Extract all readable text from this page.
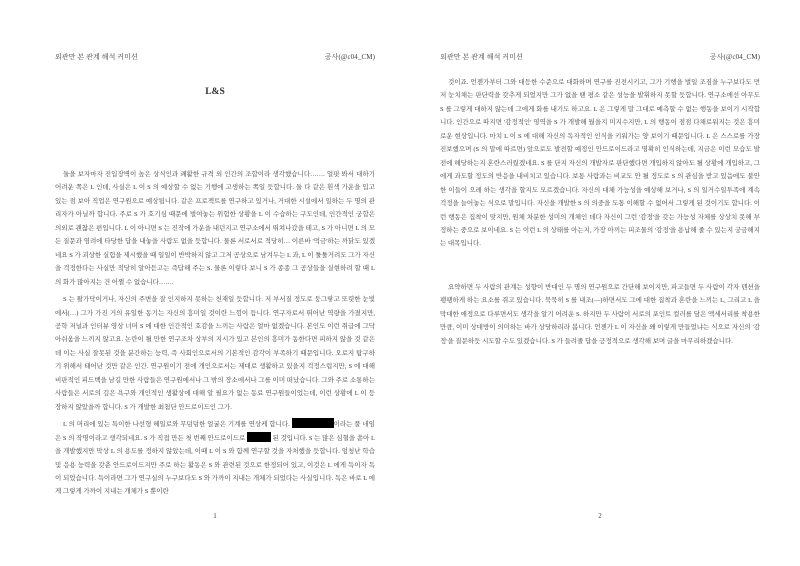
외관만 본 관계 해석 커미션	공사(@c04_CM)
L&S

둘을 보자마자 진입장벽이 높은 상식인과 쾌활한 규격 외 인간의 조합이라 생각했습니다……. 얼핏 봐서 대하기 어려운 쪽은 L 인데, 사실은 L 이 S 의 예상할 수 없는 기행에 고생하는 쪽일 듯합니다. 둘 다 같은 흰색 가운을 입고 있는 점 보아 직업은 연구원으로 예상됩니다. 같은 프로젝트를 연구하고 있거나, 거대한 시설에서 일하는 두 명의 관리자가 아닐까 합니다. 주로 S 가 호기심 때문에 벌여놓는 위험한 상황을 L 이 수습하는 구도인데, 인간적인 궁합은 의외로 괜찮은 편입니다. L 이 아니면 S 는 진작에 가운을 내던지고 연구소에서 뛰쳐나갔을 테고, S 가 아니면 L 의 모든 질문과 염려에 타당한 답을 내놓을 사람도 없을 듯합니다. 물론 서로서로 적당히… 이른바 '먹금'하는 까닭도 있겠네요 S 가 괴상한 실험을 제시했을 때 일일이 반박하지 않고 그저 공상으로 남겨두는 L 과, L 이 툴툴거려도 그가 자신을 걱정한다는 사실만 적당히 알아듣고는 즉답해 주는 S. 물론 이렇다 보니 S 가 종종 그 공상들을 실현하려 할 때 L 의 화가 많아지는 건 어쩔 수 없습니다…….

S 는 왈가닥이거나, 자신의 주변을 잘 인지하지 못하는 천재일 듯합니다. 저 부서질 정도로 둥그랗고 또렷한 눈빛에서(…) 그가 가진 거의 유일한 동기는 자신의 흥미일 것이란 느낌이 듭니다. 연구자로서 뛰어난 역량을 가졌지만, 공학 저널과 인터뷰 영상 너머 S 에 대한 인간적인 호감을 느끼는 사람은 얼마 없겠습니다. 본인도 이런 취급에 그닥 아쉬움을 느끼지 않고요. 논란이 될 만한 연구조차 상부의 지시가 있고 본인의 흥미가 동한다면 피하지 않을 것 같은데 이는 사실 잘못된 것을 분간하는 능력, 즉 사회인으로서의 기본적인 감각이 부족하기 때문입니다. 오로지 탐구하기 위해서 태어난 것만 같은 인간. 연구원이기 전에 개인으로서는 제대로 생활하고 있을지 걱정스럽지만, S 에 대해 비판적인 피드백을 남길 만한 사람들은 연구원에서나 그 밖의 장소에서나 그를 이미 떠났습니다. 그와 주로 소통하는 사람들은 서로의 깊은 욕구와 개인적인 생활상에 대해 알 필요가 없는 동료 연구원들이었는데, 이런 상황에 L 이 등장하지 않았을까 합니다. S 가 개발한 최첨단 안드로이드인 그가.

L 의 머리에 있는 특이한 나선형 헤일로와 무덤덤한 얼굴은 기계를 연상케 합니다.	이라는 풀 네임은 S 의 작명이라고 생각되네요. S 가 직접 만든 첫 번째 안드로이드로	된 것입니다. S 는 많은 심혈을 쏟아 L 을 개발했지만 막상 L 의 용도를 정하지 않았는데, 이때 L 이 S 와 함께 연구할 것을 자처했을 듯합니다. 엄청난 학습 및 응용 능력을 갖춘 안드로이드지만 주로 하는 활동은 S 와 관련된 것으로 한정되어 있고, 이것은 L 에게 득이자 독이 되었습니다. 득이라면 그가 연구실의 누구보다도 S 와 가까이 지내는 개체가 되었다는 사실입니다. 독은 바로 L 에게 그렇게 가까이 지내는 개체가 S 뿐이란

1
외관만 본 관계 해석 커미션	공사(@c04_CM)

것이죠. 언젠가부터 그와 대등한 수준으로 대화하며 연구를 진전시키고, 그가 기행을 벌일 조짐을 누구보다도 먼저 눈치채는 판단력을 갖추게 되었지만 그가 없을 땐 평소 같은 성능을 발휘하지 못할 듯합니다. 연구소에선 아무도 S 를 그렇게 대하지 않는데 그에게 화를 내기도 하고요. L 은 그렇게 말 그대로 예측할 수 없는 행동을 보이기 시작합니다. 인간으로 따지면 '감정적인' 영역을 S 가 개발해 뒀을지 미지수지만, L 의 행동이 점점 다채로워지는 것은 흥미로운 현상입니다. 마치 L 이 S 에 대해 자신의 독자적인 인식을 키워가는 양 보이기 때문입니다. L 은 스스로를 가장 진보했으며 (S 의 말에 따르면) 앞으로도 발전할 예정인 안드로이드라고 명확히 인식하는데, 지금은 이런 모습도 발전에 해당하는지 혼란스러웠겠네요. S 를 단지 자신의 개발자로 판단했다면 개입하지 않아도 될 상황에 개입하고, 그에게 과도할 정도의 반응을 내비치고 있습니다. 보통 사람과는 비교도 안 될 정도로 S 의 관심을 받고 있음에도 불안한 이들이 으레 하는 생각을 할지도 모르겠습니다. 자신의 대체 가능성을 예상해 보거나, S 의 일거수일투족에 계속 걱정을 늘어놓는 식으로 말입니다. 자신을 개발한 S 의 의중을 도통 이해할 수 없어서 그렇게 된 것이기도 합니다. 이런 행동은 집착이 맞지만, 원체 차분한 성미의 개체인 데다 자신이 그런 '감정'을 갖는 가능성 자체를 상상치 못해 부정하는 중으로 보이네요. S 는 이런 L 의 상태를 아는지, 가장 아끼는 피조물의 '감정'을 용납해 줄 수 있는지 궁금해지는 대목입니다.

요약하면 두 사람의 관계는 성향이 반대인 두 명의 연구원으로 간단해 보이지만, 파고들면 두 사람이 각자 텐션을 팽팽하게 하는 요소를 쥐고 있습니다. 묵묵히 S 를 내조(―)하면서도 그에 대한 집착과 혼란을 느끼는 L, 그리고 L 을 막대한 애정으로 다루면서도 생각을 알기 어려운 S. 하지만 두 사람이 서로의 포인트 컬러를 담은 액세서리를 착용한 만큼, 이미 상대방이 의미하는 바가 상당하리라 봅니다. 언젠가 L 이 자신을 왜 이렇게 만들었냐는 식으로 자신의 '감정'을 질문하듯 시도할 수도 있겠습니다. S 가 들려줄 답을 긍정적으로 생각해 보며 글을 마무리하겠습니다.

2
